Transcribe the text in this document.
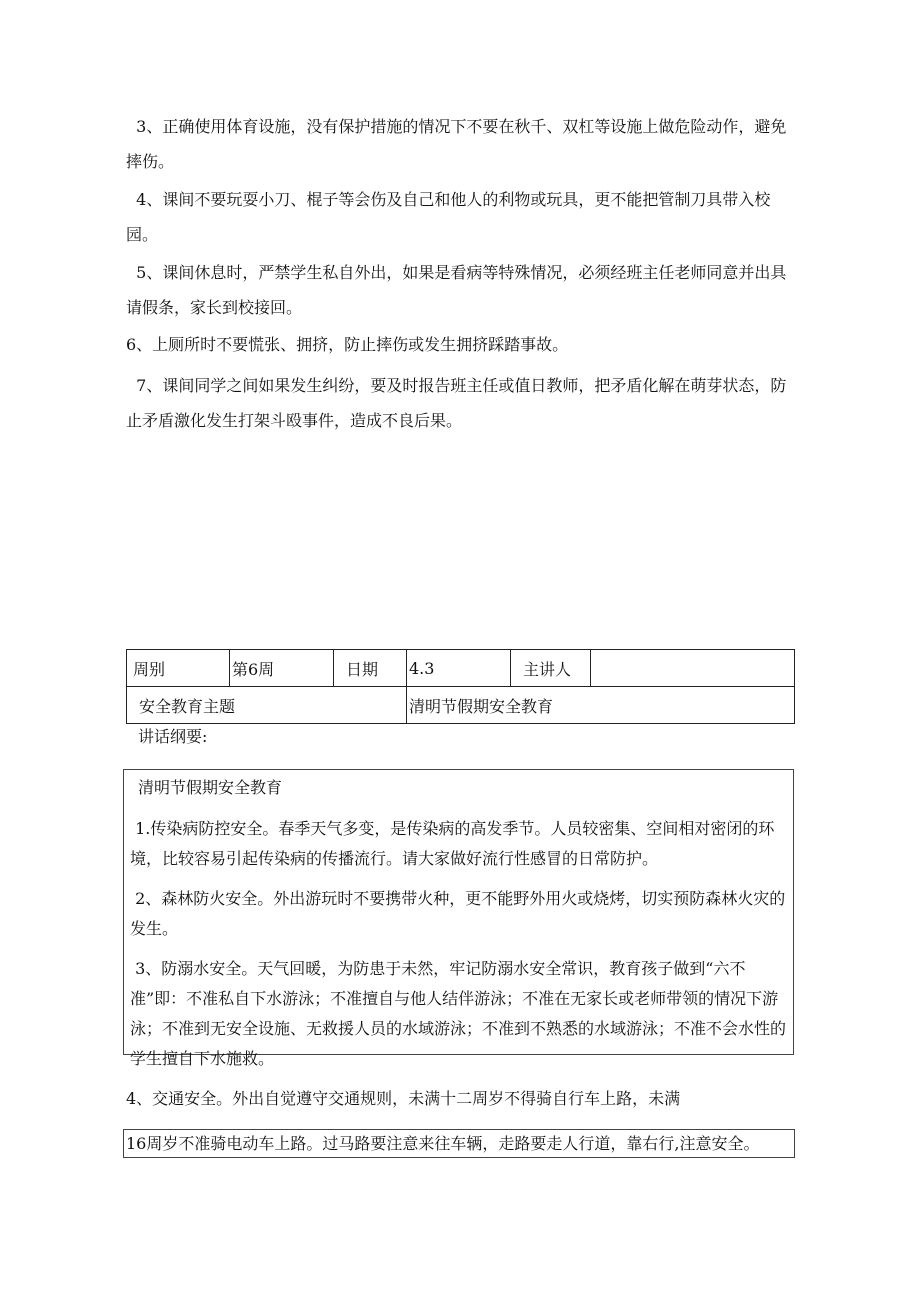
3、正确使用体育设施，没有保护措施的情况下不要在秋千、双杠等设施上做危险动作，避免摔伤。

4、课间不要玩耍小刀、棍子等会伤及自己和他人的利物或玩具，更不能把管制刀具带入校园。

5、课间休息时，严禁学生私自外出，如果是看病等特殊情况，必须经班主任老师同意并出具请假条，家长到校接回。

6、上厕所时不要慌张、拥挤，防止摔伤或发生拥挤踩踏事故。

7、课间同学之间如果发生纠纷，要及时报告班主任或值日教师，把矛盾化解在萌芽状态，防止矛盾激化发生打架斗殴事件，造成不良后果。

周别	第6周	日期	4.3	主讲人	
安全教育主题			清明节假期安全教育		
讲话纲要:

清明节假期安全教育

1.传染病防控安全。春季天气多变，是传染病的高发季节。人员较密集、空间相对密闭的环境，比较容易引起传染病的传播流行。请大家做好流行性感冒的日常防护。

2、森林防火安全。外出游玩时不要携带火种，更不能野外用火或烧烤，切实预防森林火灾的发生。

3、防溺水安全。天气回暖，为防患于未然，牢记防溺水安全常识，教育孩子做到“六不准”即：不准私自下水游泳；不准擅自与他人结伴游泳；不准在无家长或老师带领的情况下游泳；不准到无安全设施、无救援人员的水域游泳；不准到不熟悉的水域游泳；不准不会水性的学生擅自下水施救。

4、交通安全。外出自觉遵守交通规则，未满十二周岁不得骑自行车上路，未满

16周岁不准骑电动车上路。过马路要注意来往车辆，走路要走人行道，靠右行,注意安全。
